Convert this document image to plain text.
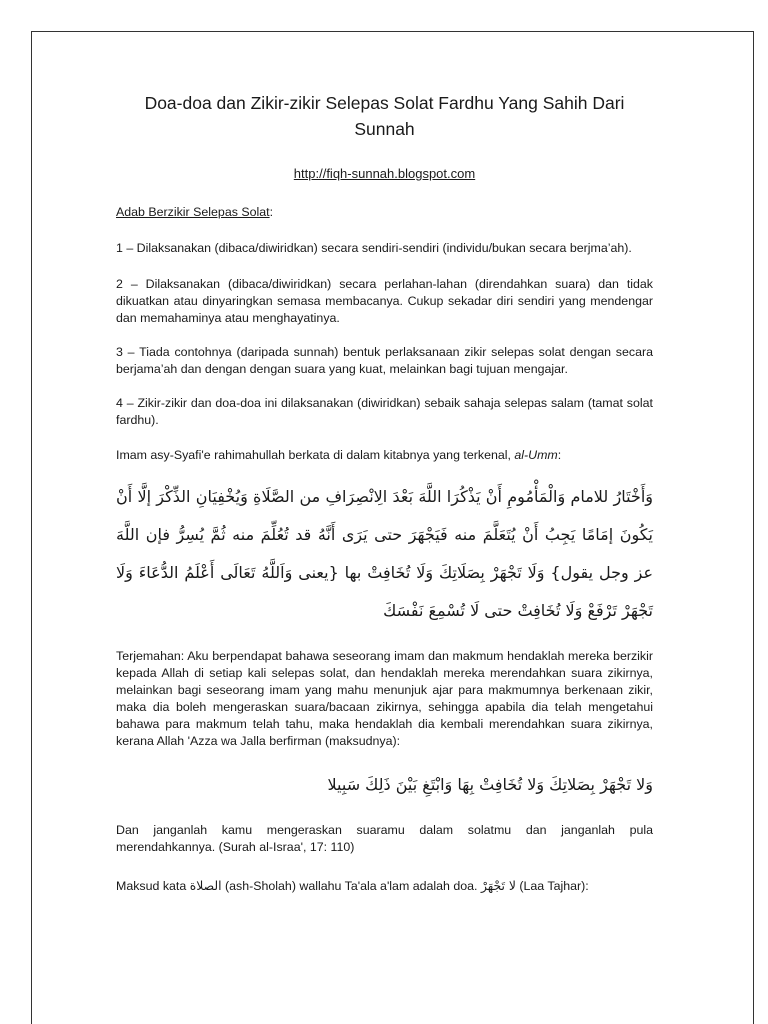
Doa-doa dan Zikir-zikir Selepas Solat Fardhu Yang Sahih Dari Sunnah
http://fiqh-sunnah.blogspot.com

Adab Berzikir Selepas Solat:

1 – Dilaksanakan (dibaca/diwiridkan) secara sendiri-sendiri (individu/bukan secara berjma’ah).

2 – Dilaksanakan (dibaca/diwiridkan) secara perlahan-lahan (direndahkan suara) dan tidak dikuatkan atau dinyaringkan semasa membacanya. Cukup sekadar diri sendiri yang mendengar dan memahaminya atau menghayatinya.

3 – Tiada contohnya (daripada sunnah) bentuk perlaksanaan zikir selepas solat dengan secara berjama’ah dan dengan dengan suara yang kuat, melainkan bagi tujuan mengajar.

4 – Zikir-zikir dan doa-doa ini dilaksanakan (diwiridkan) sebaik sahaja selepas salam (tamat solat fardhu).

Imam asy-Syafi'e rahimahullah berkata di dalam kitabnya yang terkenal, al-Umm:

وَأَخْتَارُ للامام وَالْمَأْمُومِ أَنْ يَذْكُرَا اللَّهَ بَعْدَ الِانْصِرَافِ من الصَّلَاةِ وَيُخْفِيَانِ الذِّكْرَ إلَّا أَنْ يَكُونَ إمَامًا يَجِبُ أَنْ يُتَعَلَّمَ منه فَيَجْهَرَ حتى يَرَى أَنَّهُ قد تُعُلِّمَ منه ثُمَّ يُسِرُّ فإن اللَّهَ عز وجل يقول} وَلَا تَجْهَرْ بِصَلَاتِكَ وَلَا تُخَافِتْ بها {يعنى وَاَللَّهُ تَعَالَى أَعْلَمُ الدُّعَاءَ وَلَا تَجْهَرْ تَرْفَعْ وَلَا تُخَافِتْ حتى لَا تُسْمِعَ نَفْسَكَ

Terjemahan: Aku berpendapat bahawa seseorang imam dan makmum hendaklah mereka berzikir kepada Allah di setiap kali selepas solat, dan hendaklah mereka merendahkan suara zikirnya, melainkan bagi seseorang imam yang mahu menunjuk ajar para makmumnya berkenaan zikir, maka dia boleh mengeraskan suara/bacaan zikirnya, sehingga apabila dia telah mengetahui bahawa para makmum telah tahu, maka hendaklah dia kembali merendahkan suara zikirnya, kerana Allah 'Azza wa Jalla berfirman (maksudnya):

وَلا تَجْهَرْ بِصَلاتِكَ وَلا تُخَافِتْ بِهَا وَابْتَغِ بَيْنَ ذَلِكَ سَبِيلا

Dan janganlah kamu mengeraskan suaramu dalam solatmu dan janganlah pula merendahkannya. (Surah al-Israa', 17: 110)

Maksud kata الصلاة (ash-Sholah) wallahu Ta'ala a'lam adalah doa. لا تَجْهَرْ (Laa Tajhar):
